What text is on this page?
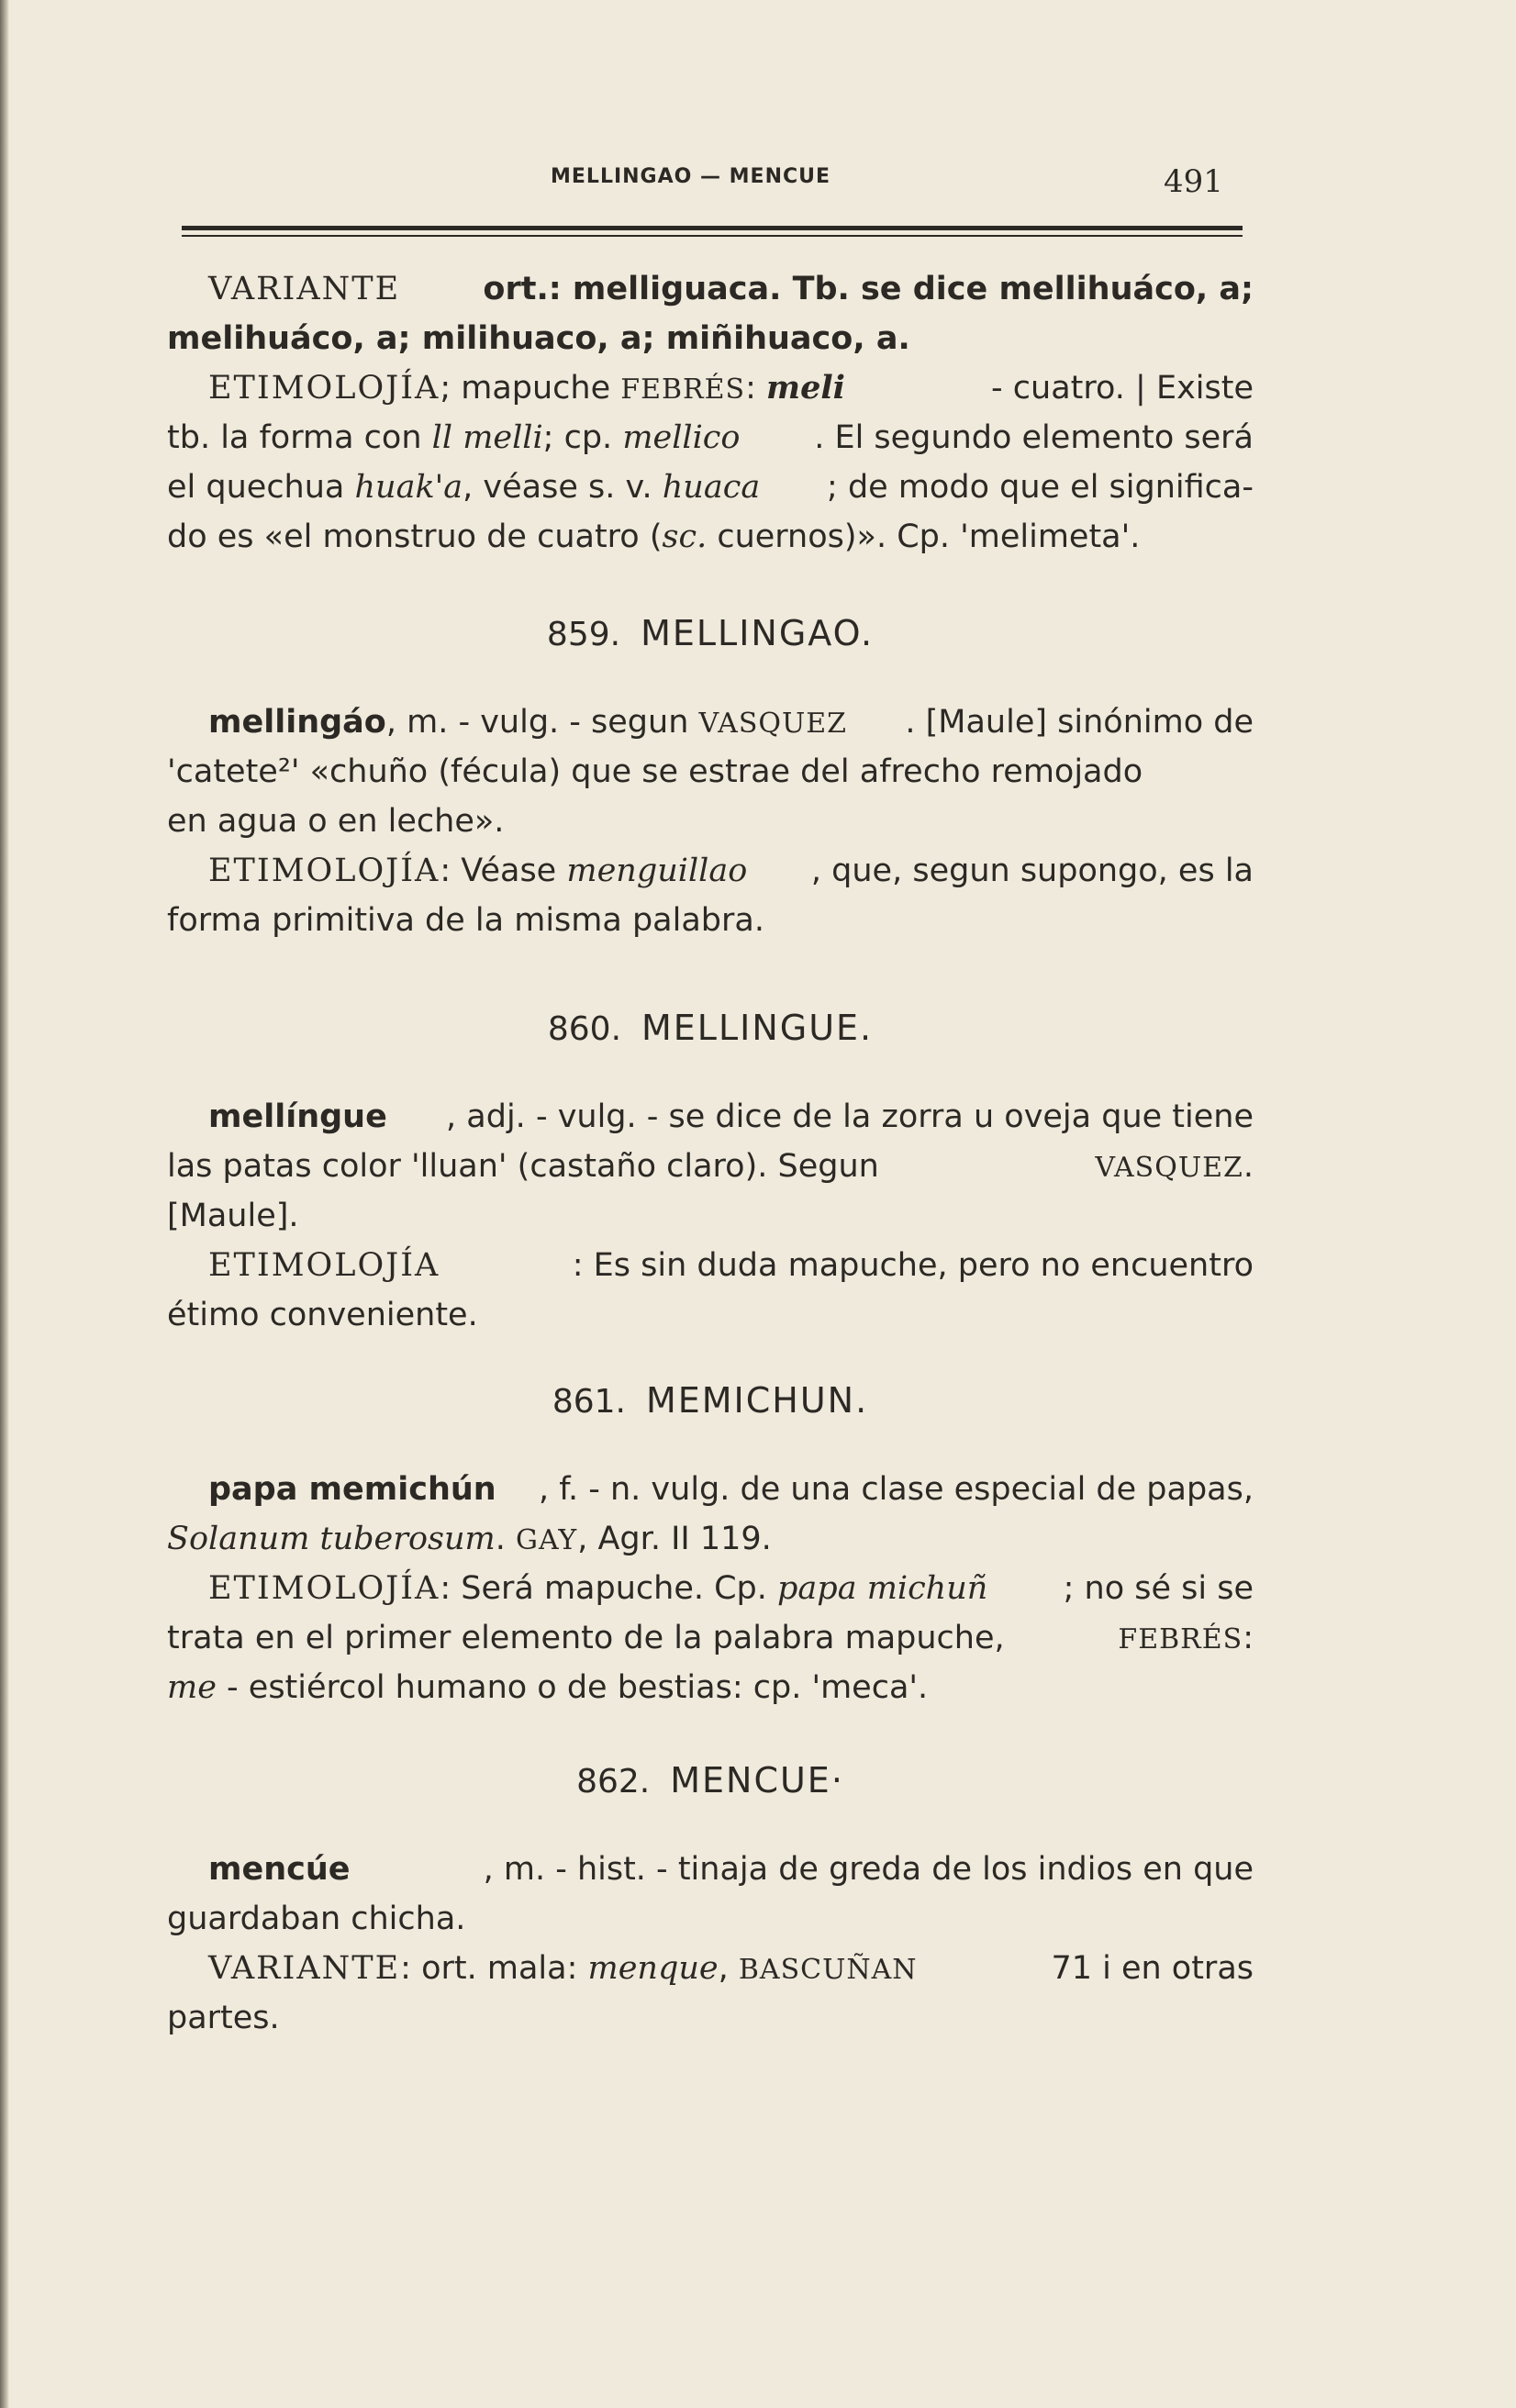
MELLINGAO — MENCUE	491
VARIANTE	ort.: melliguaca. Tb. se dice mellihuáco, a;
melihuáco, a; milihuaco, a; miñihuaco, a.
ETIMOLOJÍA; mapuche FEBRÉS: meli	- cuatro. | Existe
tb. la forma con ll melli; cp. mellico . El segundo elemento será
el quechua huak'a, véase s. v. huaca ; de modo que el significa-
do es «el monstruo de cuatro (sc. cuernos)». Cp. 'melimeta'.
859. MELLINGAO.
mellingáo, m. - vulg. - segun VASQUEZ . [Maule] sinónimo de
'catete²' «chuño (fécula) que se estrae del afrecho remojado
en agua o en leche».
ETIMOLOJÍA: Véase menguillao , que, segun supongo, es la
forma primitiva de la misma palabra.
860. MELLINGUE.
mellíngue , adj. - vulg. - se dice de la zorra u oveja que tiene
las patas color 'lluan' (castaño claro). Segun	VASQUEZ.
[Maule].
ETIMOLOJÍA	: Es sin duda mapuche, pero no encuentro
étimo conveniente.
861. MEMICHUN.
papa memichún , f. - n. vulg. de una clase especial de papas,
Solanum tuberosum. GAY, Agr. II 119.
ETIMOLOJÍA: Será mapuche. Cp. papa michuñ ; no sé si se
trata en el primer elemento de la palabra mapuche,	FEBRÉS:
me - estiércol humano o de bestias: cp. 'meca'.
862. MENCUE·
mencúe	, m. - hist. - tinaja de greda de los indios en que
guardaban chicha.
VARIANTE: ort. mala: menque, BASCUÑAN	71 i en otras
partes.
